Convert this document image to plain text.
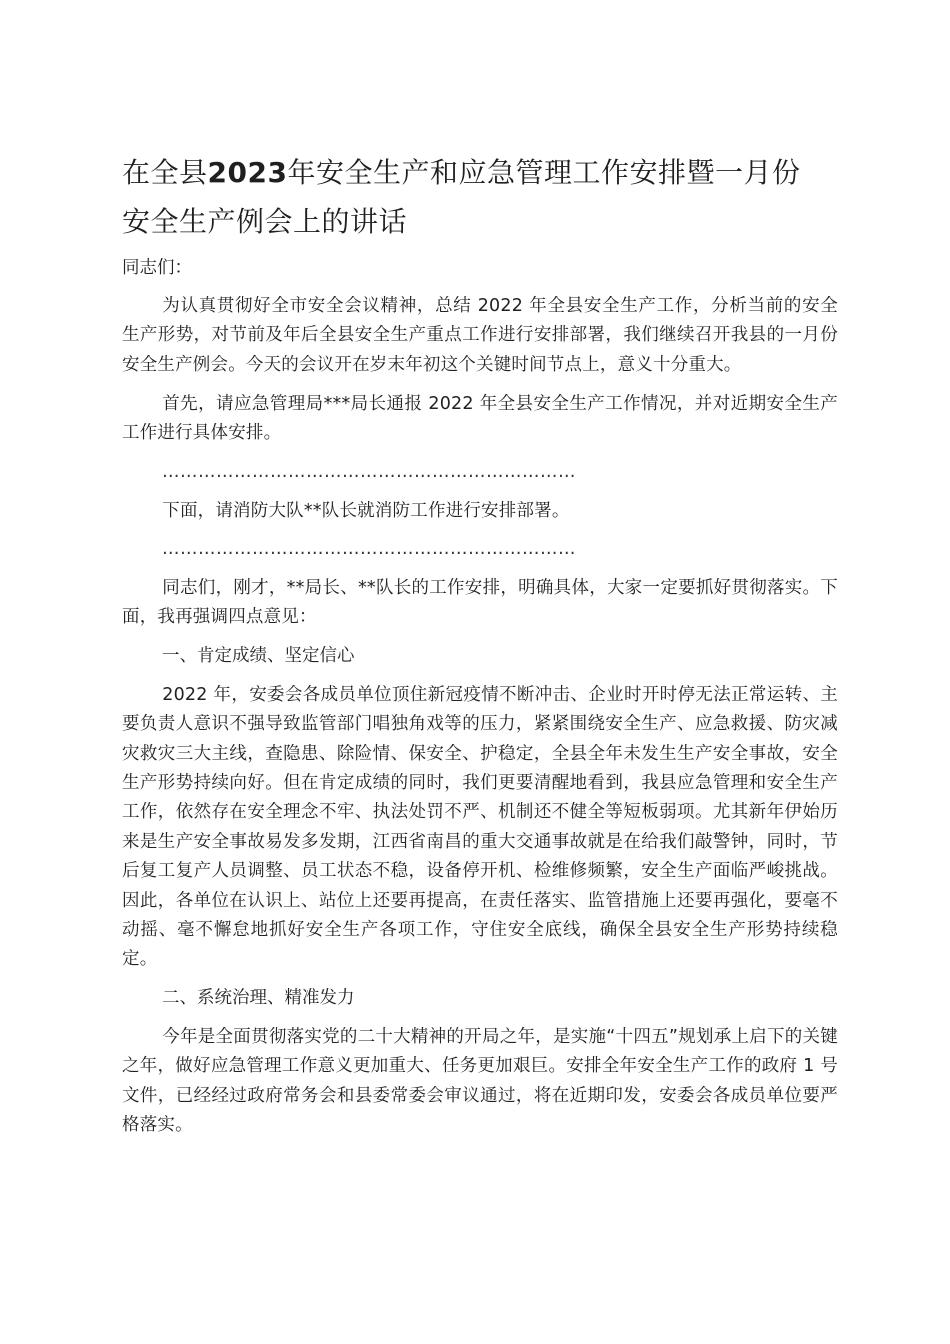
在全县2023年安全生产和应急管理工作安排暨一月份
安全生产例会上的讲话
同志们：

为认真贯彻好全市安全会议精神，总结 2022 年全县安全生产工作，分析当前的安全生产形势，对节前及年后全县安全生产重点工作进行安排部署，我们继续召开我县的一月份安全生产例会。今天的会议开在岁末年初这个关键时间节点上，意义十分重大。

首先，请应急管理局***局长通报 2022 年全县安全生产工作情况，并对近期安全生产工作进行具体安排。

……………………………………………………………

下面，请消防大队**队长就消防工作进行安排部署。

……………………………………………………………

同志们，刚才，**局长、**队长的工作安排，明确具体，大家一定要抓好贯彻落实。下面，我再强调四点意见：

一、肯定成绩、坚定信心

2022 年，安委会各成员单位顶住新冠疫情不断冲击、企业时开时停无法正常运转、主要负责人意识不强导致监管部门唱独角戏等的压力，紧紧围绕安全生产、应急救援、防灾减灾救灾三大主线，查隐患、除险情、保安全、护稳定，全县全年未发生生产安全事故，安全生产形势持续向好。但在肯定成绩的同时，我们更要清醒地看到，我县应急管理和安全生产工作，依然存在安全理念不牢、执法处罚不严、机制还不健全等短板弱项。尤其新年伊始历来是生产安全事故易发多发期，江西省南昌的重大交通事故就是在给我们敲警钟，同时，节后复工复产人员调整、员工状态不稳，设备停开机、检维修频繁，安全生产面临严峻挑战。因此，各单位在认识上、站位上还要再提高，在责任落实、监管措施上还要再强化，要毫不动摇、毫不懈怠地抓好安全生产各项工作，守住安全底线，确保全县安全生产形势持续稳定。

二、系统治理、精准发力

今年是全面贯彻落实党的二十大精神的开局之年，是实施“十四五”规划承上启下的关键之年，做好应急管理工作意义更加重大、任务更加艰巨。安排全年安全生产工作的政府 1 号文件，已经经过政府常务会和县委常委会审议通过，将在近期印发，安委会各成员单位要严格落实。
